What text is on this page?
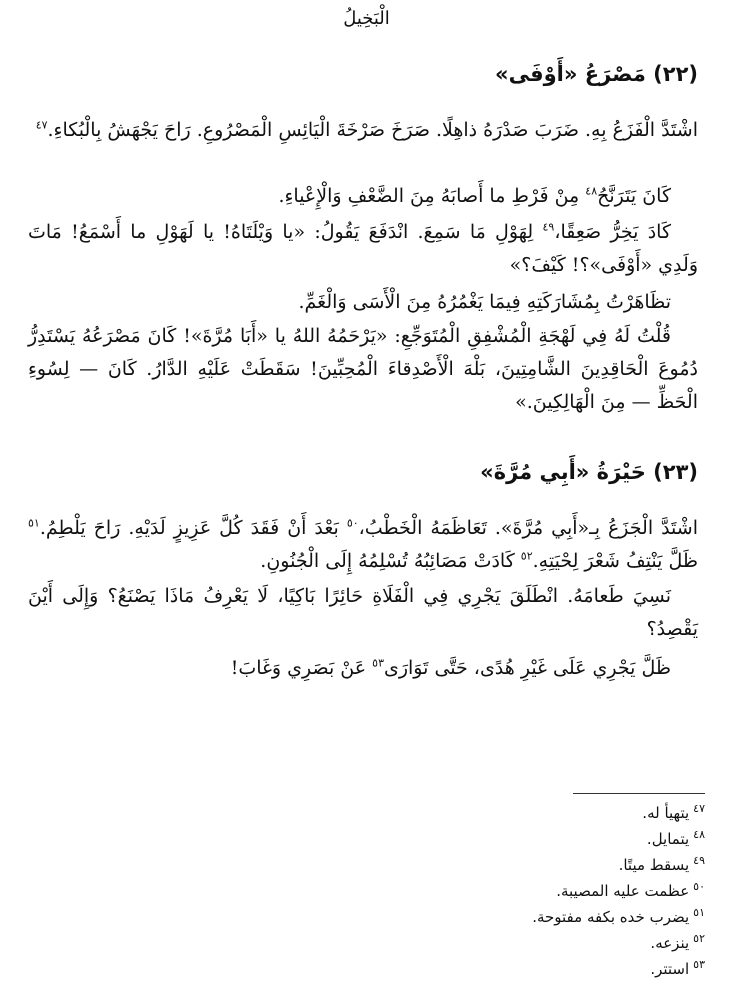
الْبَخِيلُ
(٢٢) مَصْرَعُ «أَوْفَى»
اشْتَدَّ الْفَزَعُ بِهِ. ضَرَبَ صَدْرَهُ ذاهِلًا. صَرَخَ صَرْخَةَ الْيَائِسِ الْمَصْرُوعِ. رَاحَ يَجْهَشُ بِالْبُكاءِ.$^{٤٧}$
كَانَ يَتَرَنَّحُ$^{٤٨}$ مِنْ فَرْطِ ما أَصابَهُ مِنَ الضَّعْفِ وَالْإِعْياءِ.
كَادَ يَخِرُّ صَعِقًا،$^{٤٩}$ لِهَوْلِ مَا سَمِعَ. انْدَفَعَ يَقُولُ: «يا وَيْلَتَاهُ! يا لَهَوْلِ ما أَسْمَعُ! مَاتَ وَلَدِي «أَوْفَى»؟! كَيْفَ؟»
تظَاهَرْتُ بِمُشَارَكَتِهِ فِيمَا يَغْمُرُهُ مِنَ الْأَسَى وَالْغَمِّ.
قُلْتُ لَهُ فِي لَهْجَةِ الْمُشْفِقِ الْمُتَوَجِّعِ: «يَرْحَمُهُ اللهُ يا «أَبَا مُرَّةَ»! كَانَ مَصْرَعُهُ يَسْتَدِرُّ دُمُوعَ الْحَاقِدِينَ الشَّامِتِينَ، بَلْهَ الْأَصْدِقاءَ الْمُحِبِّينَ! سَقَطَتْ عَلَيْهِ الدَّارُ. كَانَ — لِسُوءِ الْحَظِّ — مِنَ الْهَالِكِينَ.»
(٢٣) حَيْرَةُ «أَبِي مُرَّةَ»
اشْتَدَّ الْجَزَعُ بِـ«أَبِي مُرَّةَ». تَعَاظَمَهُ الْخَطْبُ،$^{٥٠}$ بَعْدَ أَنْ فَقَدَ كُلَّ عَزِيزٍ لَدَيْهِ. رَاحَ يَلْطِمُ.$^{٥١}$ ظَلَّ يَنْتِفُ شَعْرَ لِحْيَتِهِ.$^{٥٢}$ كَادَتْ مَصَائِبُهُ تُسْلِمُهُ إِلَى الْجُنُونِ.
نَسِيَ طَعامَهُ. انْطَلَقَ يَجْرِي فِي الْفَلَاةِ حَائِرًا بَاكِيًا، لَا يَعْرِفُ مَاذَا يَصْنَعُ؟ وَإِلَى أَيْنَ يَقْصِدُ؟
ظَلَّ يَجْرِي عَلَى غَيْرِ هُدًى، حَتَّى تَوَارَى$^{٥٣}$ عَنْ بَصَرِي وَغَابَ!
$^{٤٧}$يتهيأ له.
$^{٤٨}$يتمايل.
$^{٤٩}$يسقط ميتًا.
$^{٥٠}$عظمت عليه المصيبة.
$^{٥١}$يضرب خده بكفه مفتوحة.
$^{٥٢}$ينزعه.
$^{٥٣}$استتر.
